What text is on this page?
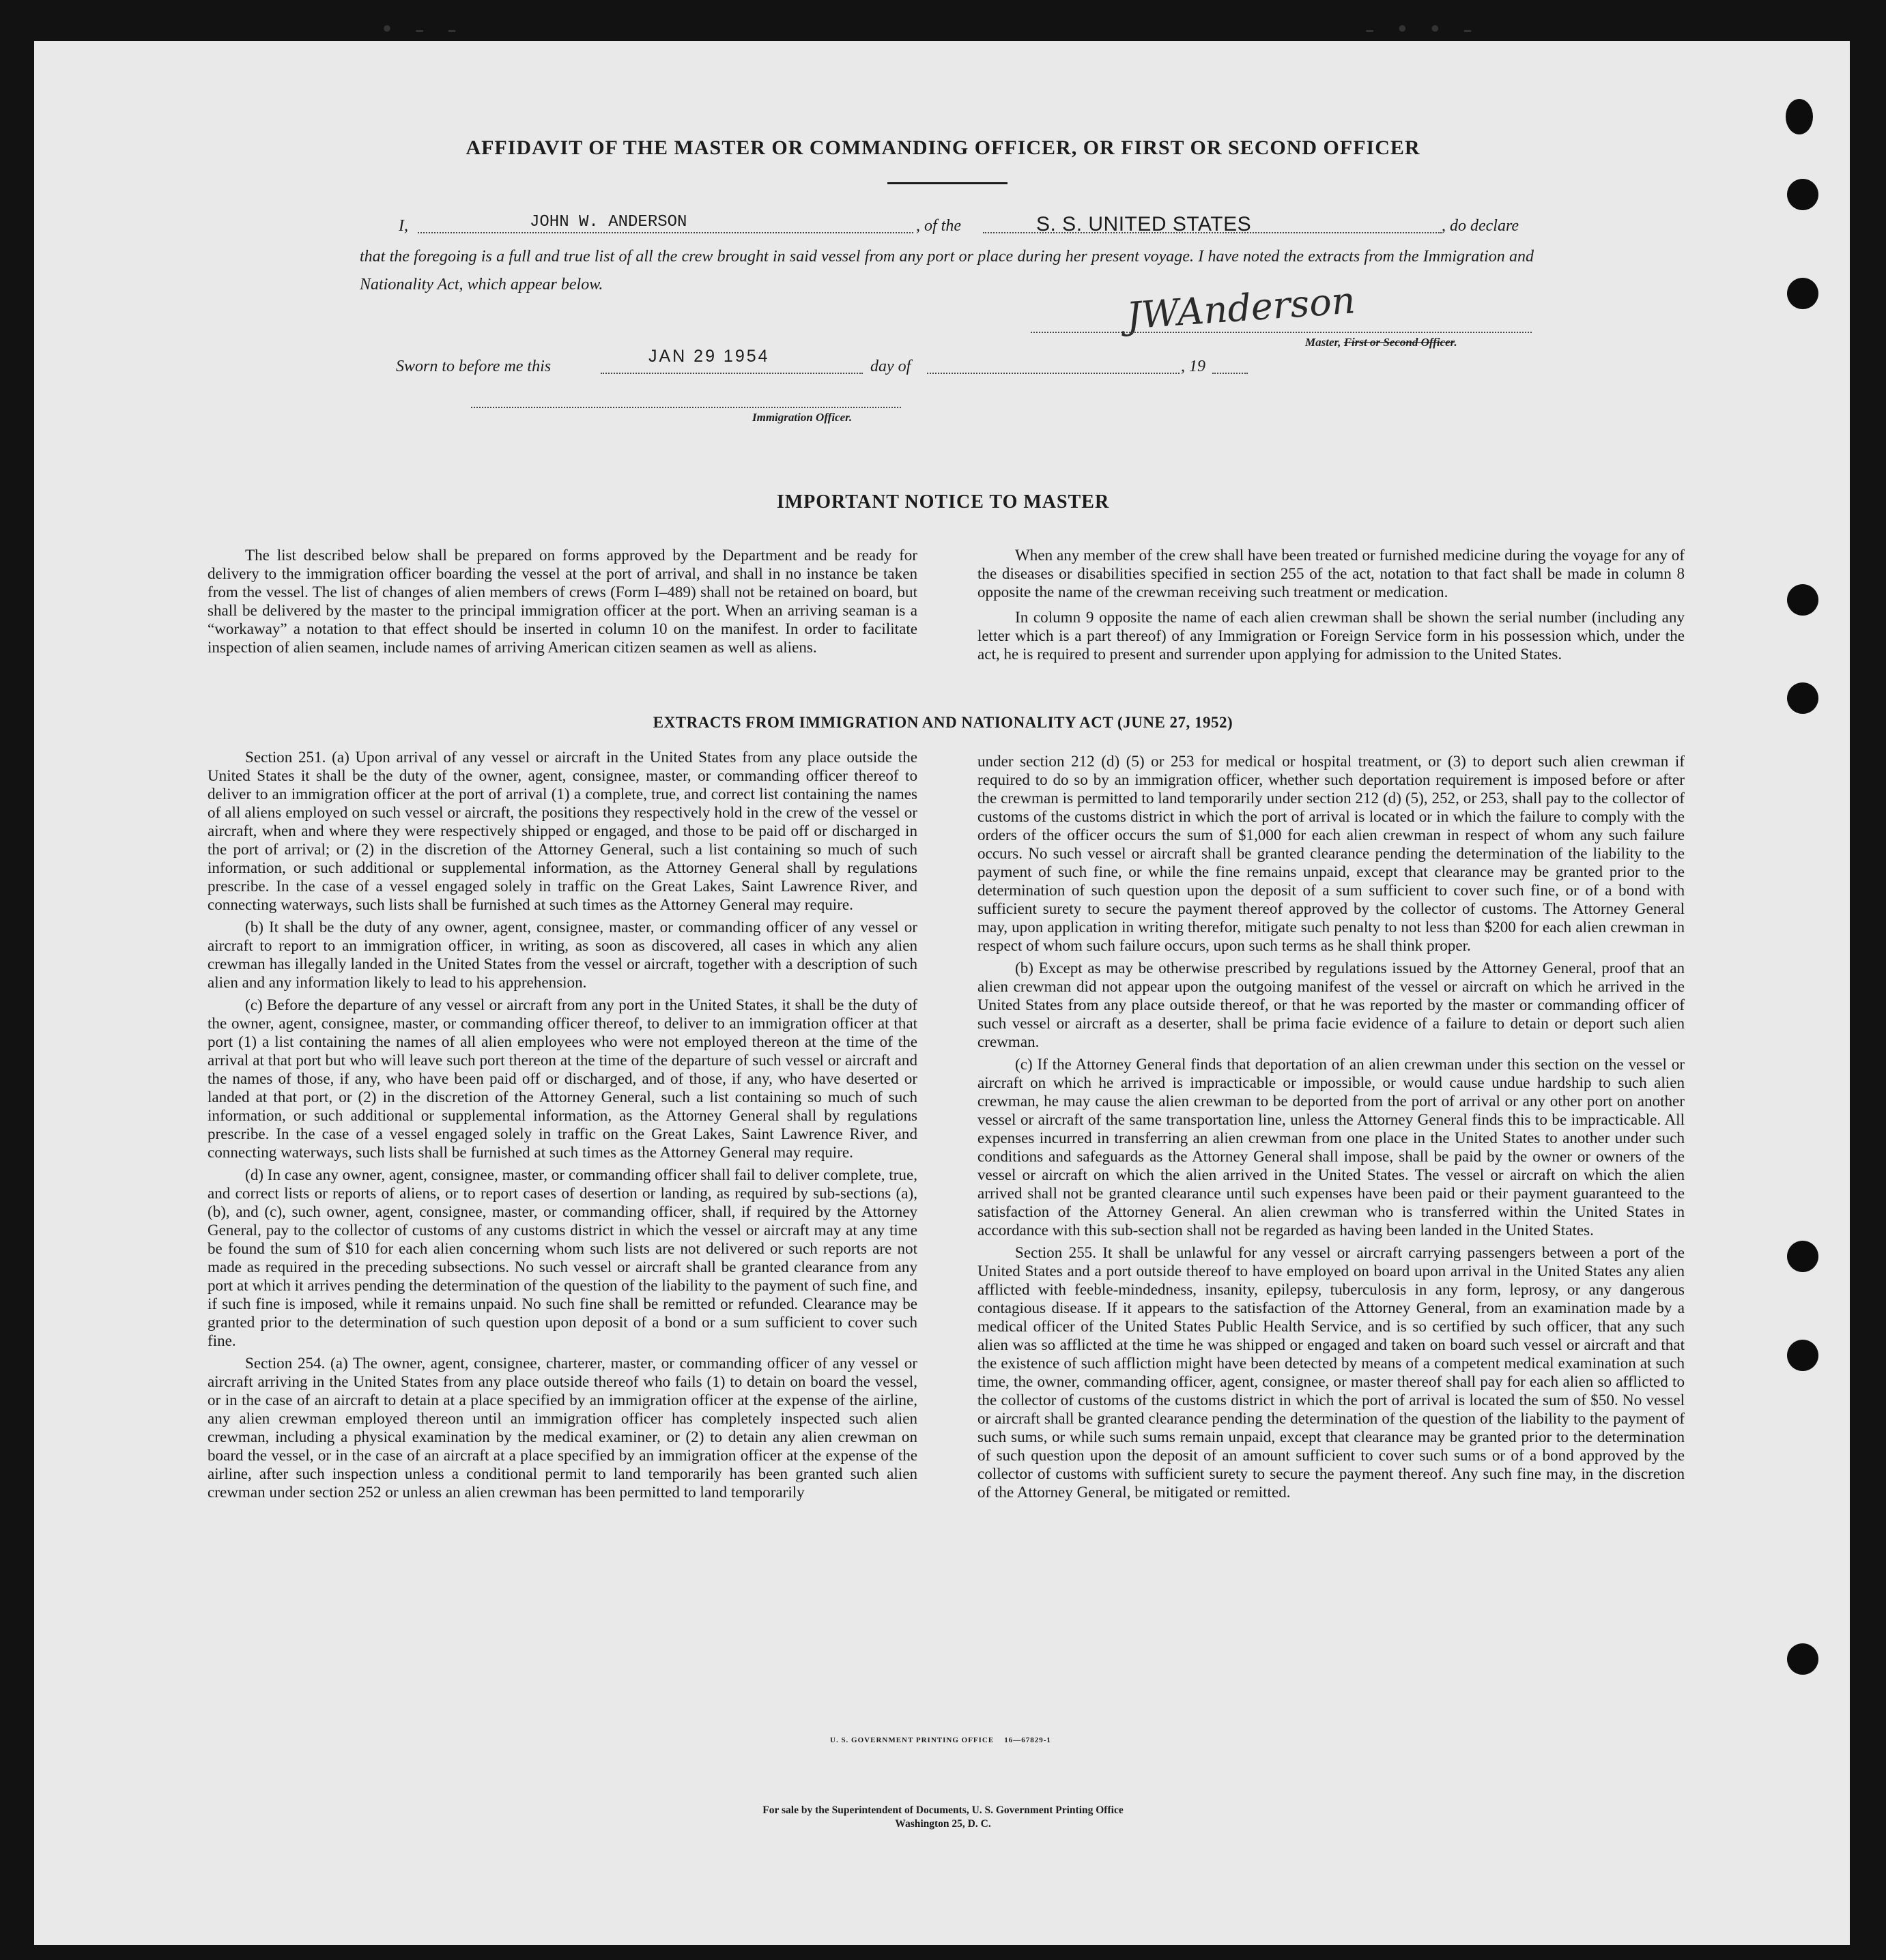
• - -	- • • -
AFFIDAVIT OF THE MASTER OR COMMANDING OFFICER, OR FIRST OR SECOND OFFICER
I,	JOHN W. ANDERSON	, of the	S. S. UNITED STATES	, do declare
that the foregoing is a full and true list of all the crew brought in said vessel from any port or place during her present voyage. I have noted the extracts from the Immigration and Nationality Act, which appear below.	JWAnderson
Master, First or Second Officer.
Sworn to before me this
JAN 29 1954
day of	, 19
Immigration Officer.
IMPORTANT NOTICE TO MASTER

The list described below shall be prepared on forms approved by the Department and be ready for delivery to the immigration officer boarding the vessel at the port of arrival, and shall in no instance be taken from the vessel. The list of changes of alien members of crews (Form I–489) shall not be retained on board, but shall be delivered by the master to the principal immigration officer at the port. When an arriving seaman is a “workaway” a notation to that effect should be inserted in column 10 on the manifest. In order to facilitate inspection of alien seamen, include names of arriving American citizen seamen as well as aliens.

When any member of the crew shall have been treated or furnished medicine during the voyage for any of the diseases or disabilities specified in section 255 of the act, notation to that fact shall be made in column 8 opposite the name of the crewman receiving such treatment or medication.

In column 9 opposite the name of each alien crewman shall be shown the serial number (including any letter which is a part thereof) of any Immigration or Foreign Service form in his possession which, under the act, he is required to present and surrender upon applying for admission to the United States.

EXTRACTS FROM IMMIGRATION AND NATIONALITY ACT (JUNE 27, 1952)

Section 251. (a) Upon arrival of any vessel or aircraft in the United States from any place outside the United States it shall be the duty of the owner, agent, consignee, master, or commanding officer thereof to deliver to an immigration officer at the port of arrival (1) a complete, true, and correct list containing the names of all aliens employed on such vessel or aircraft, the positions they respectively hold in the crew of the vessel or aircraft, when and where they were respectively shipped or engaged, and those to be paid off or discharged in the port of arrival; or (2) in the discretion of the Attorney General, such a list containing so much of such information, or such additional or supplemental information, as the Attorney General shall by regulations prescribe. In the case of a vessel engaged solely in traffic on the Great Lakes, Saint Lawrence River, and connecting waterways, such lists shall be furnished at such times as the Attorney General may require.

(b) It shall be the duty of any owner, agent, consignee, master, or commanding officer of any vessel or aircraft to report to an immigration officer, in writing, as soon as discovered, all cases in which any alien crewman has illegally landed in the United States from the vessel or aircraft, together with a description of such alien and any information likely to lead to his apprehension.

(c) Before the departure of any vessel or aircraft from any port in the United States, it shall be the duty of the owner, agent, consignee, master, or commanding officer thereof, to deliver to an immigration officer at that port (1) a list containing the names of all alien employees who were not employed thereon at the time of the arrival at that port but who will leave such port thereon at the time of the departure of such vessel or aircraft and the names of those, if any, who have been paid off or discharged, and of those, if any, who have deserted or landed at that port, or (2) in the discretion of the Attorney General, such a list containing so much of such information, or such additional or supplemental information, as the Attorney General shall by regulations prescribe. In the case of a vessel engaged solely in traffic on the Great Lakes, Saint Lawrence River, and connecting waterways, such lists shall be furnished at such times as the Attorney General may require.

(d) In case any owner, agent, consignee, master, or commanding officer shall fail to deliver complete, true, and correct lists or reports of aliens, or to report cases of desertion or landing, as required by sub-sections (a), (b), and (c), such owner, agent, consignee, master, or commanding officer, shall, if required by the Attorney General, pay to the collector of customs of any customs district in which the vessel or aircraft may at any time be found the sum of $10 for each alien concerning whom such lists are not delivered or such reports are not made as required in the preceding subsections. No such vessel or aircraft shall be granted clearance from any port at which it arrives pending the determination of the question of the liability to the payment of such fine, and if such fine is imposed, while it remains unpaid. No such fine shall be remitted or refunded. Clearance may be granted prior to the determination of such question upon deposit of a bond or a sum sufficient to cover such fine.

Section 254. (a) The owner, agent, consignee, charterer, master, or commanding officer of any vessel or aircraft arriving in the United States from any place outside thereof who fails (1) to detain on board the vessel, or in the case of an aircraft to detain at a place specified by an immigration officer at the expense of the airline, any alien crewman employed thereon until an immigration officer has completely inspected such alien crewman, including a physical examination by the medical examiner, or (2) to detain any alien crewman on board the vessel, or in the case of an aircraft at a place specified by an immigration officer at the expense of the airline, after such inspection unless a conditional permit to land temporarily has been granted such alien crewman under section 252 or unless an alien crewman has been permitted to land temporarily

under section 212 (d) (5) or 253 for medical or hospital treatment, or (3) to deport such alien crewman if required to do so by an immigration officer, whether such deportation requirement is imposed before or after the crewman is permitted to land temporarily under section 212 (d) (5), 252, or 253, shall pay to the collector of customs of the customs district in which the port of arrival is located or in which the failure to comply with the orders of the officer occurs the sum of $1,000 for each alien crewman in respect of whom any such failure occurs. No such vessel or aircraft shall be granted clearance pending the determination of the liability to the payment of such fine, or while the fine remains unpaid, except that clearance may be granted prior to the determination of such question upon the deposit of a sum sufficient to cover such fine, or of a bond with sufficient surety to secure the payment thereof approved by the collector of customs. The Attorney General may, upon application in writing therefor, mitigate such penalty to not less than $200 for each alien crewman in respect of whom such failure occurs, upon such terms as he shall think proper.

(b) Except as may be otherwise prescribed by regulations issued by the Attorney General, proof that an alien crewman did not appear upon the outgoing manifest of the vessel or aircraft on which he arrived in the United States from any place outside thereof, or that he was reported by the master or commanding officer of such vessel or aircraft as a deserter, shall be prima facie evidence of a failure to detain or deport such alien crewman.

(c) If the Attorney General finds that deportation of an alien crewman under this section on the vessel or aircraft on which he arrived is impracticable or impossible, or would cause undue hardship to such alien crewman, he may cause the alien crewman to be deported from the port of arrival or any other port on another vessel or aircraft of the same transportation line, unless the Attorney General finds this to be impracticable. All expenses incurred in transferring an alien crewman from one place in the United States to another under such conditions and safeguards as the Attorney General shall impose, shall be paid by the owner or owners of the vessel or aircraft on which the alien arrived in the United States. The vessel or aircraft on which the alien arrived shall not be granted clearance until such expenses have been paid or their payment guaranteed to the satisfaction of the Attorney General. An alien crewman who is transferred within the United States in accordance with this sub-section shall not be regarded as having been landed in the United States.

Section 255. It shall be unlawful for any vessel or aircraft carrying passengers between a port of the United States and a port outside thereof to have employed on board upon arrival in the United States any alien afflicted with feeble-mindedness, insanity, epilepsy, tuberculosis in any form, leprosy, or any dangerous contagious disease. If it appears to the satisfaction of the Attorney General, from an examination made by a medical officer of the United States Public Health Service, and is so certified by such officer, that any such alien was so afflicted at the time he was shipped or engaged and taken on board such vessel or aircraft and that the existence of such affliction might have been detected by means of a competent medical examination at such time, the owner, commanding officer, agent, consignee, or master thereof shall pay for each alien so afflicted to the collector of customs of the customs district in which the port of arrival is located the sum of $50. No vessel or aircraft shall be granted clearance pending the determination of the question of the liability to the payment of such sums, or while such sums remain unpaid, except that clearance may be granted prior to the determination of such question upon the deposit of an amount sufficient to cover such sums or of a bond approved by the collector of customs with sufficient surety to secure the payment thereof. Any such fine may, in the discretion of the Attorney General, be mitigated or remitted.

U. S. GOVERNMENT PRINTING OFFICE    16—67829-1
For sale by the Superintendent of Documents, U. S. Government Printing Office
Washington 25, D. C.
